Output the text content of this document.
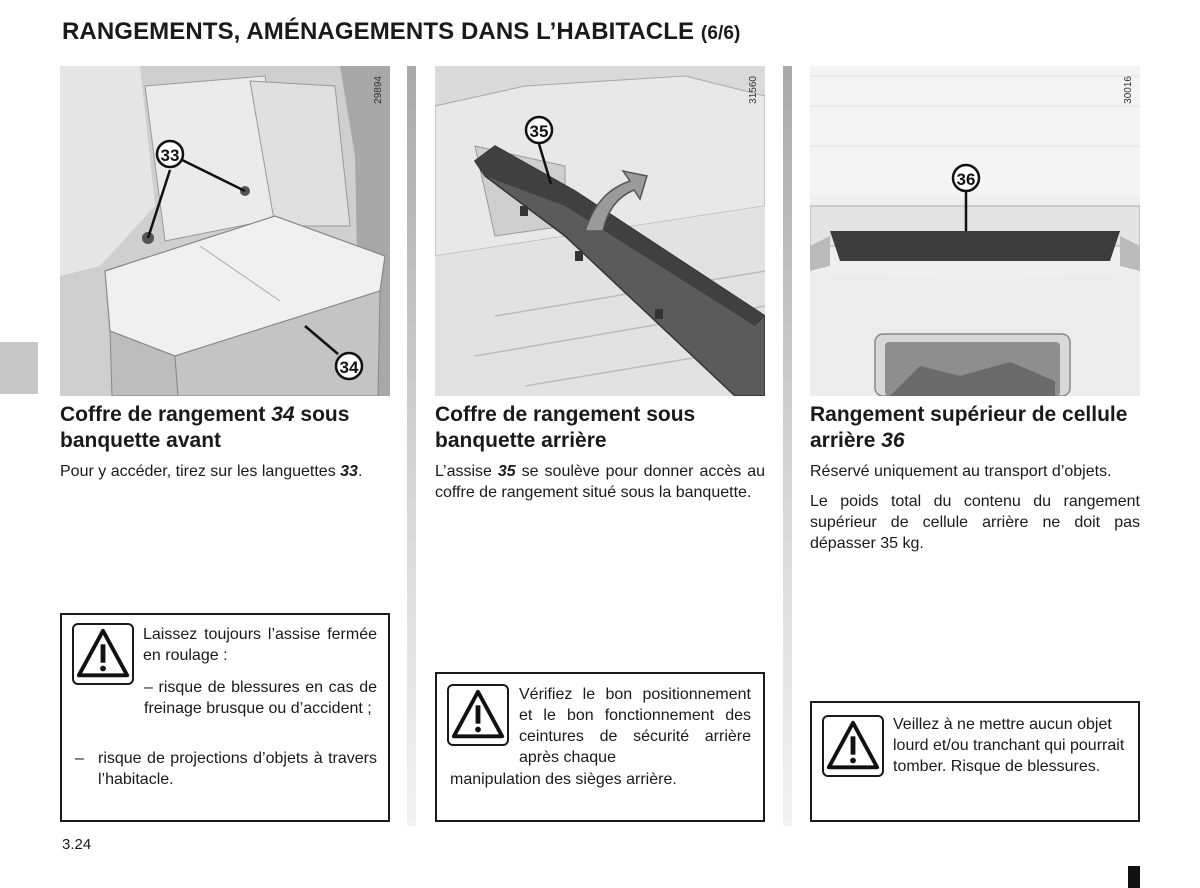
RANGEMENTS, AMÉNAGEMENTS DANS L’HABITACLE (6/6)
33
34
29894
35
31560
36
30016
Coffre de rangement 34 sous banquette avant

Pour y accéder, tirez sur les languettes 33.

Coffre de rangement sous banquette arrière

L’assise 35 se soulève pour donner accès au coffre de rangement situé sous la banquette.

Rangement supérieur de cellule arrière 36

Réservé uniquement au transport d’objets.

Le poids total du contenu du rangement supérieur de cellule arrière ne doit pas dépasser 35 kg.

Laissez toujours l’assise fermée en roulage :
– risque de blessures en cas de freinage brusque ou d’accident ;
– risque de projections d’objets à travers l’habitacle.
Vérifiez le bon positionnement et le bon fonctionnement des ceintures de sécurité arrière après chaque
manipulation des sièges arrière.
Veillez à ne mettre aucun objet lourd et/ou tranchant qui pourrait tomber. Risque de blessures.
3.24
